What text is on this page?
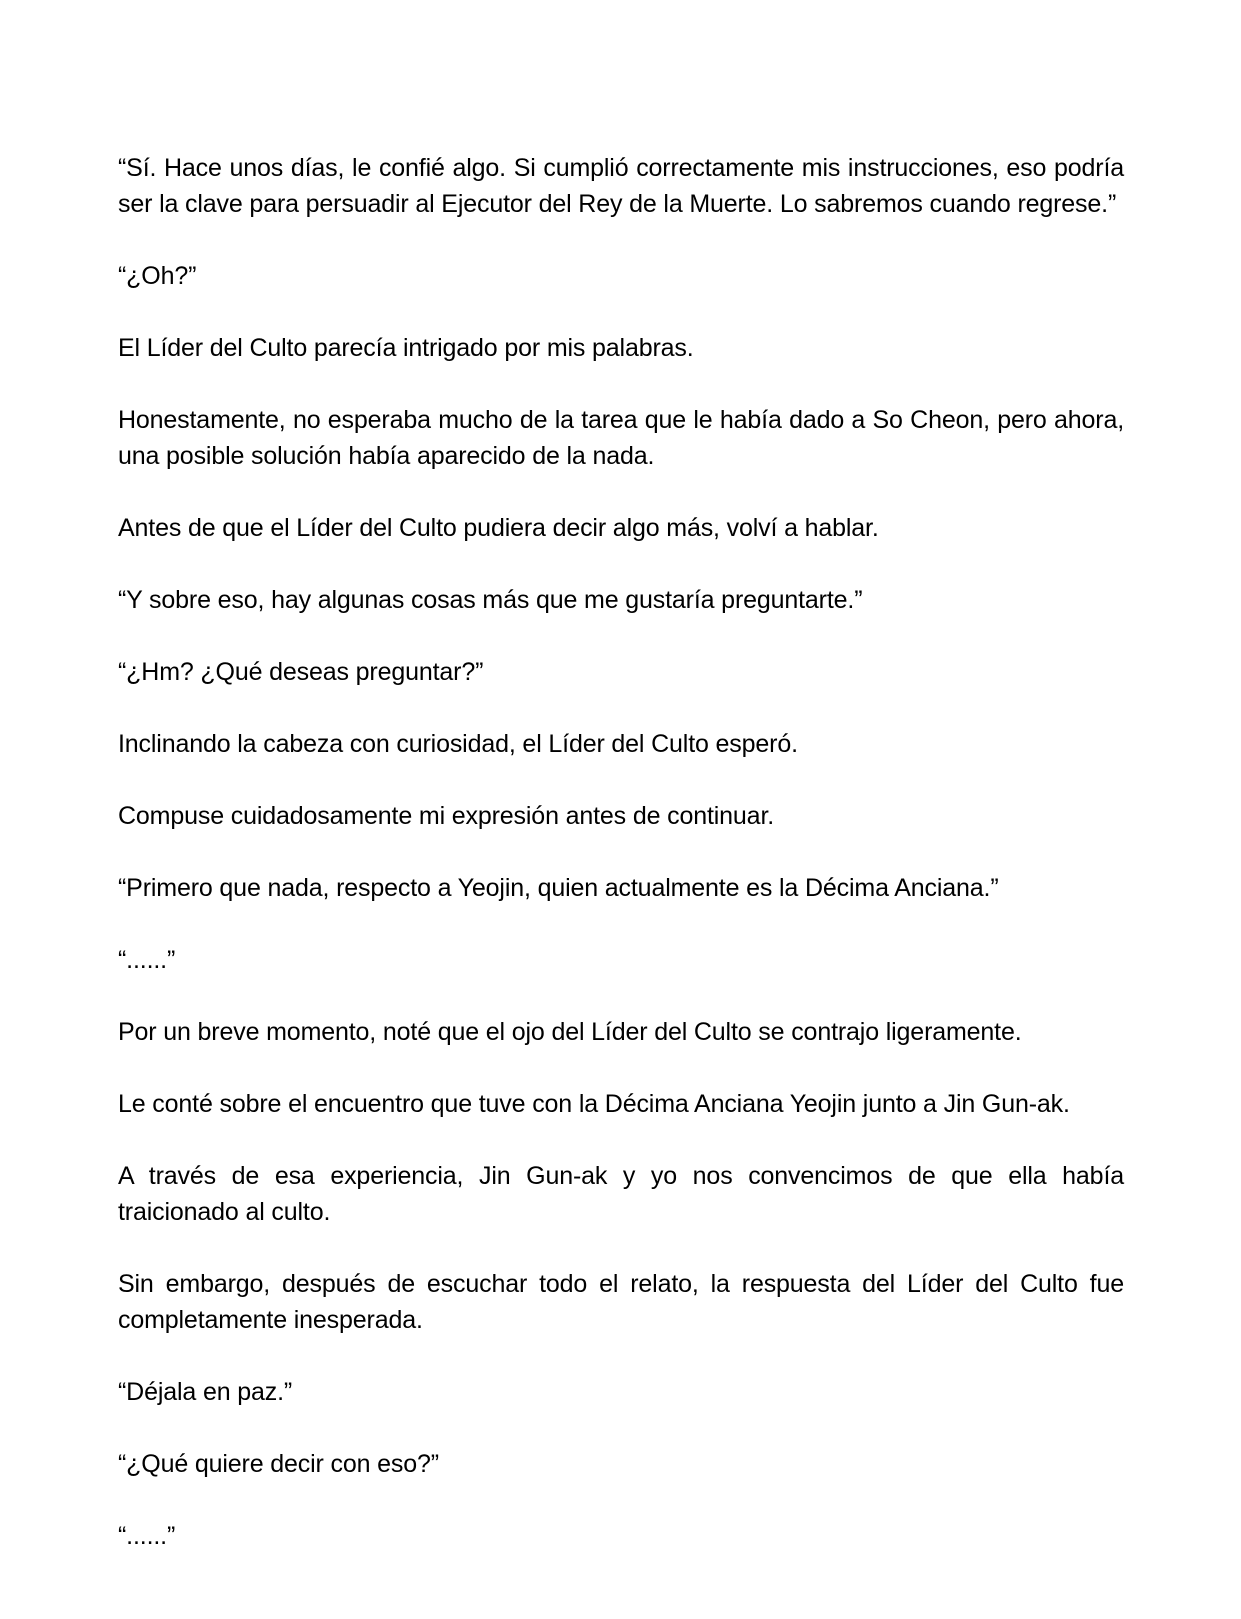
“Sí. Hace unos días, le confié algo. Si cumplió correctamente mis instrucciones, eso podría ser la clave para persuadir al Ejecutor del Rey de la Muerte. Lo sabremos cuando regrese.”

“¿Oh?”

El Líder del Culto parecía intrigado por mis palabras.

Honestamente, no esperaba mucho de la tarea que le había dado a So Cheon, pero ahora, una posible solución había aparecido de la nada.

Antes de que el Líder del Culto pudiera decir algo más, volví a hablar.

“Y sobre eso, hay algunas cosas más que me gustaría preguntarte.”

“¿Hm? ¿Qué deseas preguntar?”

Inclinando la cabeza con curiosidad, el Líder del Culto esperó.

Compuse cuidadosamente mi expresión antes de continuar.

“Primero que nada, respecto a Yeojin, quien actualmente es la Décima Anciana.”

“......”

Por un breve momento, noté que el ojo del Líder del Culto se contrajo ligeramente.

Le conté sobre el encuentro que tuve con la Décima Anciana Yeojin junto a Jin Gun-ak.

A través de esa experiencia, Jin Gun-ak y yo nos convencimos de que ella había traicionado al culto.

Sin embargo, después de escuchar todo el relato, la respuesta del Líder del Culto fue completamente inesperada.

“Déjala en paz.”

“¿Qué quiere decir con eso?”

“......”
